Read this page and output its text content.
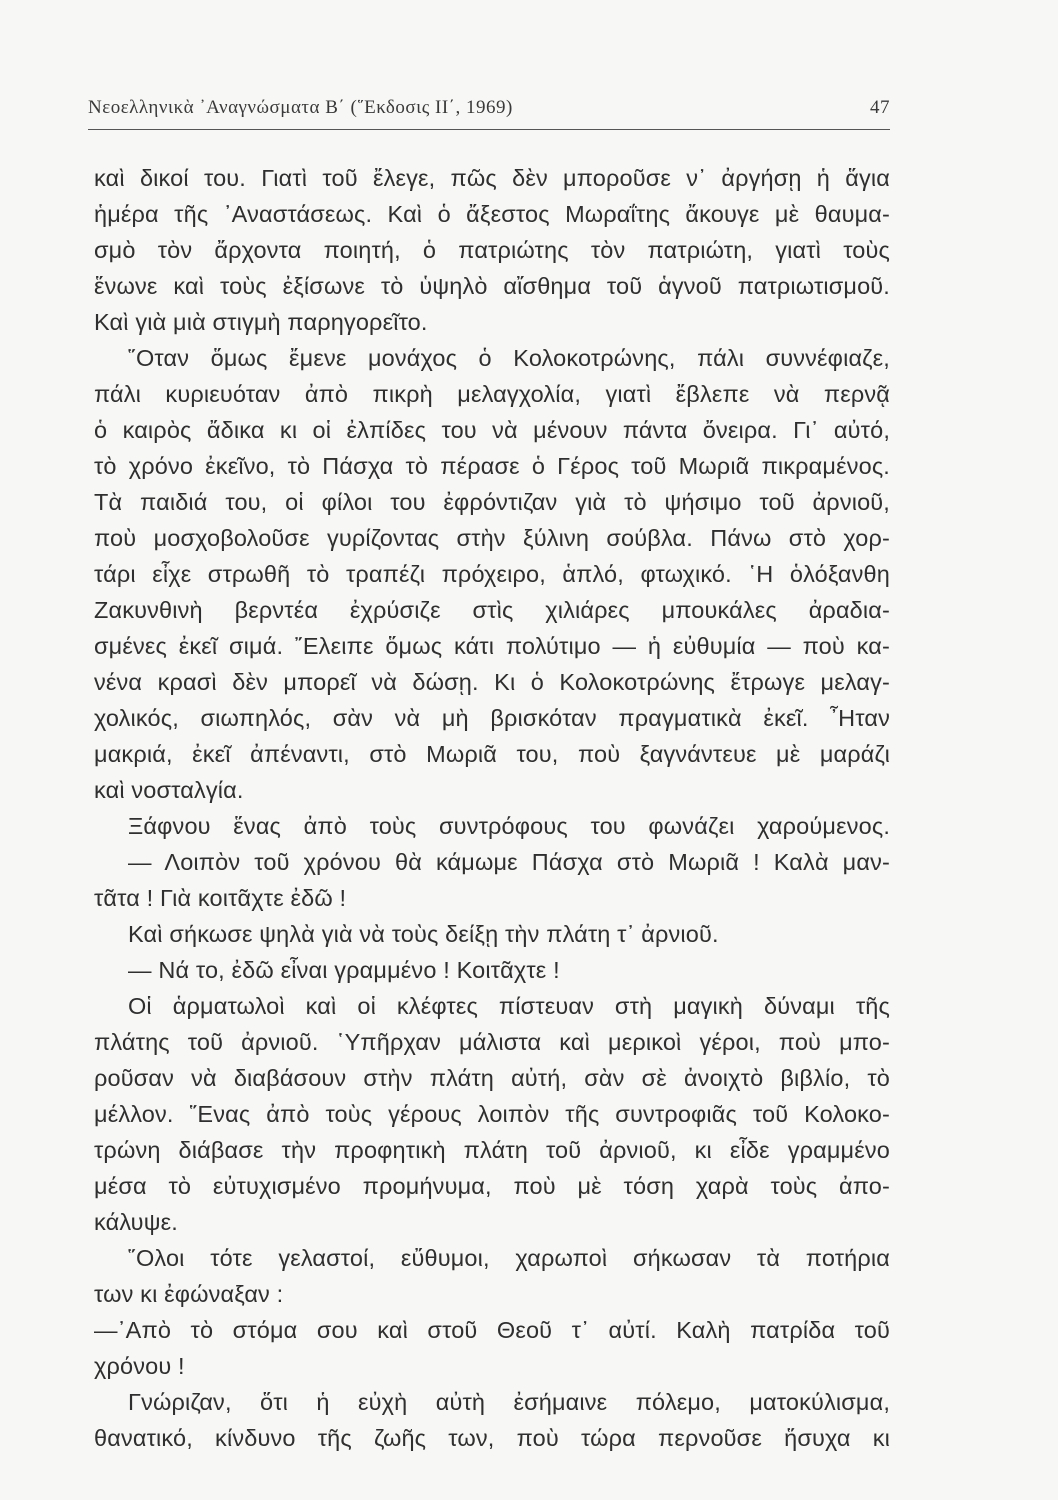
Νεοελληνικὰ ᾿Αναγνώσματα Β΄ (῞Εκδοσις ΙΙ΄, 1969)	47
καὶ δικοί του. Γιατὶ τοῦ ἔλεγε, πῶς δὲν μποροῦσε ν᾿ ἀργήσῃ ἡ ἅγια
ἡμέρα τῆς ᾿Αναστάσεως. Καὶ ὁ ἄξεστος Μωραΐτης ἄκουγε μὲ θαυμα-
σμὸ τὸν ἄρχοντα ποιητή, ὁ πατριώτης τὸν πατριώτη, γιατὶ τοὺς
ἕνωνε καὶ τοὺς ἐξίσωνε τὸ ὑψηλὸ αἴσθημα τοῦ ἁγνοῦ πατριωτισμοῦ.
Καὶ γιὰ μιὰ στιγμὴ παρηγορεῖτο.
῞Οταν ὅμως ἔμενε μονάχος ὁ Κολοκοτρώνης, πάλι συννέφιαζε,
πάλι κυριευόταν ἀπὸ πικρὴ μελαγχολία, γιατὶ ἔβλεπε νὰ περνᾷ
ὁ καιρὸς ἄδικα κι οἱ ἐλπίδες του νὰ μένουν πάντα ὄνειρα. Γι᾿ αὐτό,
τὸ χρόνο ἐκεῖνο, τὸ Πάσχα τὸ πέρασε ὁ Γέρος τοῦ Μωριᾶ πικραμένος.
Τὰ παιδιά του, οἱ φίλοι του ἐφρόντιζαν γιὰ τὸ ψήσιμο τοῦ ἀρνιοῦ,
ποὺ μοσχοβολοῦσε γυρίζοντας στὴν ξύλινη σούβλα. Πάνω στὸ χορ-
τάρι εἶχε στρωθῆ τὸ τραπέζι πρόχειρο, ἁπλό, φτωχικό. ῾Η ὁλόξανθη
Ζακυνθινὴ βερντέα ἐχρύσιζε στὶς χιλιάρες μπουκάλες ἀραδια-
σμένες ἐκεῖ σιμά. ῎Ελειπε ὅμως κάτι πολύτιμο — ἡ εὐθυμία — ποὺ κα-
νένα κρασὶ δὲν μπορεῖ νὰ δώσῃ. Κι ὁ Κολοκοτρώνης ἔτρωγε μελαγ-
χολικός, σιωπηλός, σὰν νὰ μὴ βρισκόταν πραγματικὰ ἐκεῖ. ῏Ηταν
μακριά, ἐκεῖ ἀπέναντι, στὸ Μωριᾶ του, ποὺ ξαγνάντευε μὲ μαράζι
καὶ νοσταλγία.
Ξάφνου ἕνας ἀπὸ τοὺς συντρόφους του φωνάζει χαρούμενος.
— Λοιπὸν τοῦ χρόνου θὰ κάμωμε Πάσχα στὸ Μωριᾶ ! Καλὰ μαν-
τᾶτα ! Γιὰ κοιτᾶχτε ἐδῶ !
Καὶ σήκωσε ψηλὰ γιὰ νὰ τοὺς δείξῃ τὴν πλάτη τ᾿ ἀρνιοῦ.
— Νά το, ἐδῶ εἶναι γραμμένο ! Κοιτᾶχτε !
Οἱ ἁρματωλοὶ καὶ οἱ κλέφτες πίστευαν στὴ μαγικὴ δύναμι τῆς
πλάτης τοῦ ἀρνιοῦ. ῾Υπῆρχαν μάλιστα καὶ μερικοὶ γέροι, ποὺ μπο-
ροῦσαν νὰ διαβάσουν στὴν πλάτη αὐτή, σὰν σὲ ἀνοιχτὸ βιβλίο, τὸ
μέλλον. ῞Ενας ἀπὸ τοὺς γέρους λοιπὸν τῆς συντροφιᾶς τοῦ Κολοκο-
τρώνη διάβασε τὴν προφητικὴ πλάτη τοῦ ἀρνιοῦ, κι εἶδε γραμμένο
μέσα τὸ εὐτυχισμένο προμήνυμα, ποὺ μὲ τόση χαρὰ τοὺς ἀπο-
κάλυψε.
῞Ολοι τότε γελαστοί, εὔθυμοι, χαρωποὶ σήκωσαν τὰ ποτήρια
των κι ἐφώναξαν :
—᾿Απὸ τὸ στόμα σου καὶ στοῦ Θεοῦ τ᾿ αὐτί. Καλὴ πατρίδα τοῦ
χρόνου !
Γνώριζαν, ὅτι ἡ εὐχὴ αὐτὴ ἐσήμαινε πόλεμο, ματοκύλισμα,
θανατικό, κίνδυνο τῆς ζωῆς των, ποὺ τώρα περνοῦσε ἥσυχα κι
